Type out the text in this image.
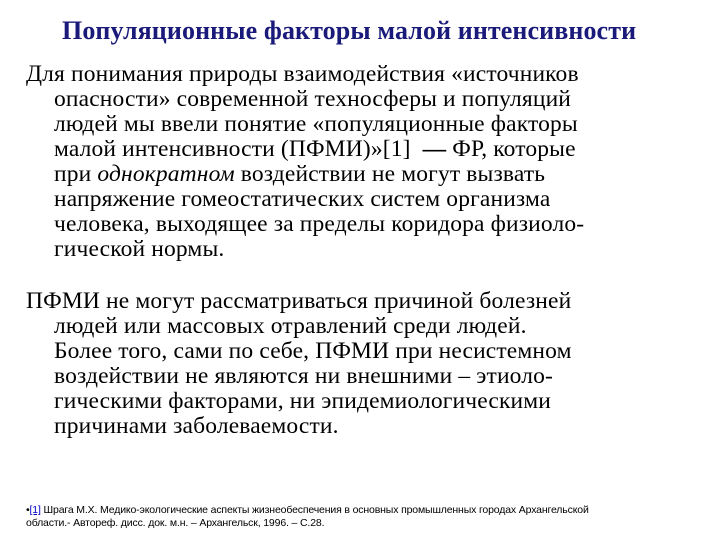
Популяционные факторы малой интенсивности
Для понимания природы взаимодействия «источников
опасности» современной техносферы и популяций
людей мы ввели понятие «популяционные факторы
малой интенсивности (ПФМИ)»[1] — ФР, которые
при однократном воздействии не могут вызвать
напряжение гомеостатических систем организма
человека, выходящее за пределы коридора физиоло-
гической нормы.
ПФМИ не могут рассматриваться причиной болезней
людей или массовых отравлений среди людей.
Более того, сами по себе, ПФМИ при несистемном
воздействии не являются ни внешними – этиоло-
гическими факторами, ни эпидемиологическими
причинами заболеваемости.
•[1] Шрага М.Х. Медико-экологические аспекты жизнеобеспечения в основных промышленных городах Архангельской
области.- Автореф. дисс. док. м.н. – Архангельск, 1996. – С.28.
